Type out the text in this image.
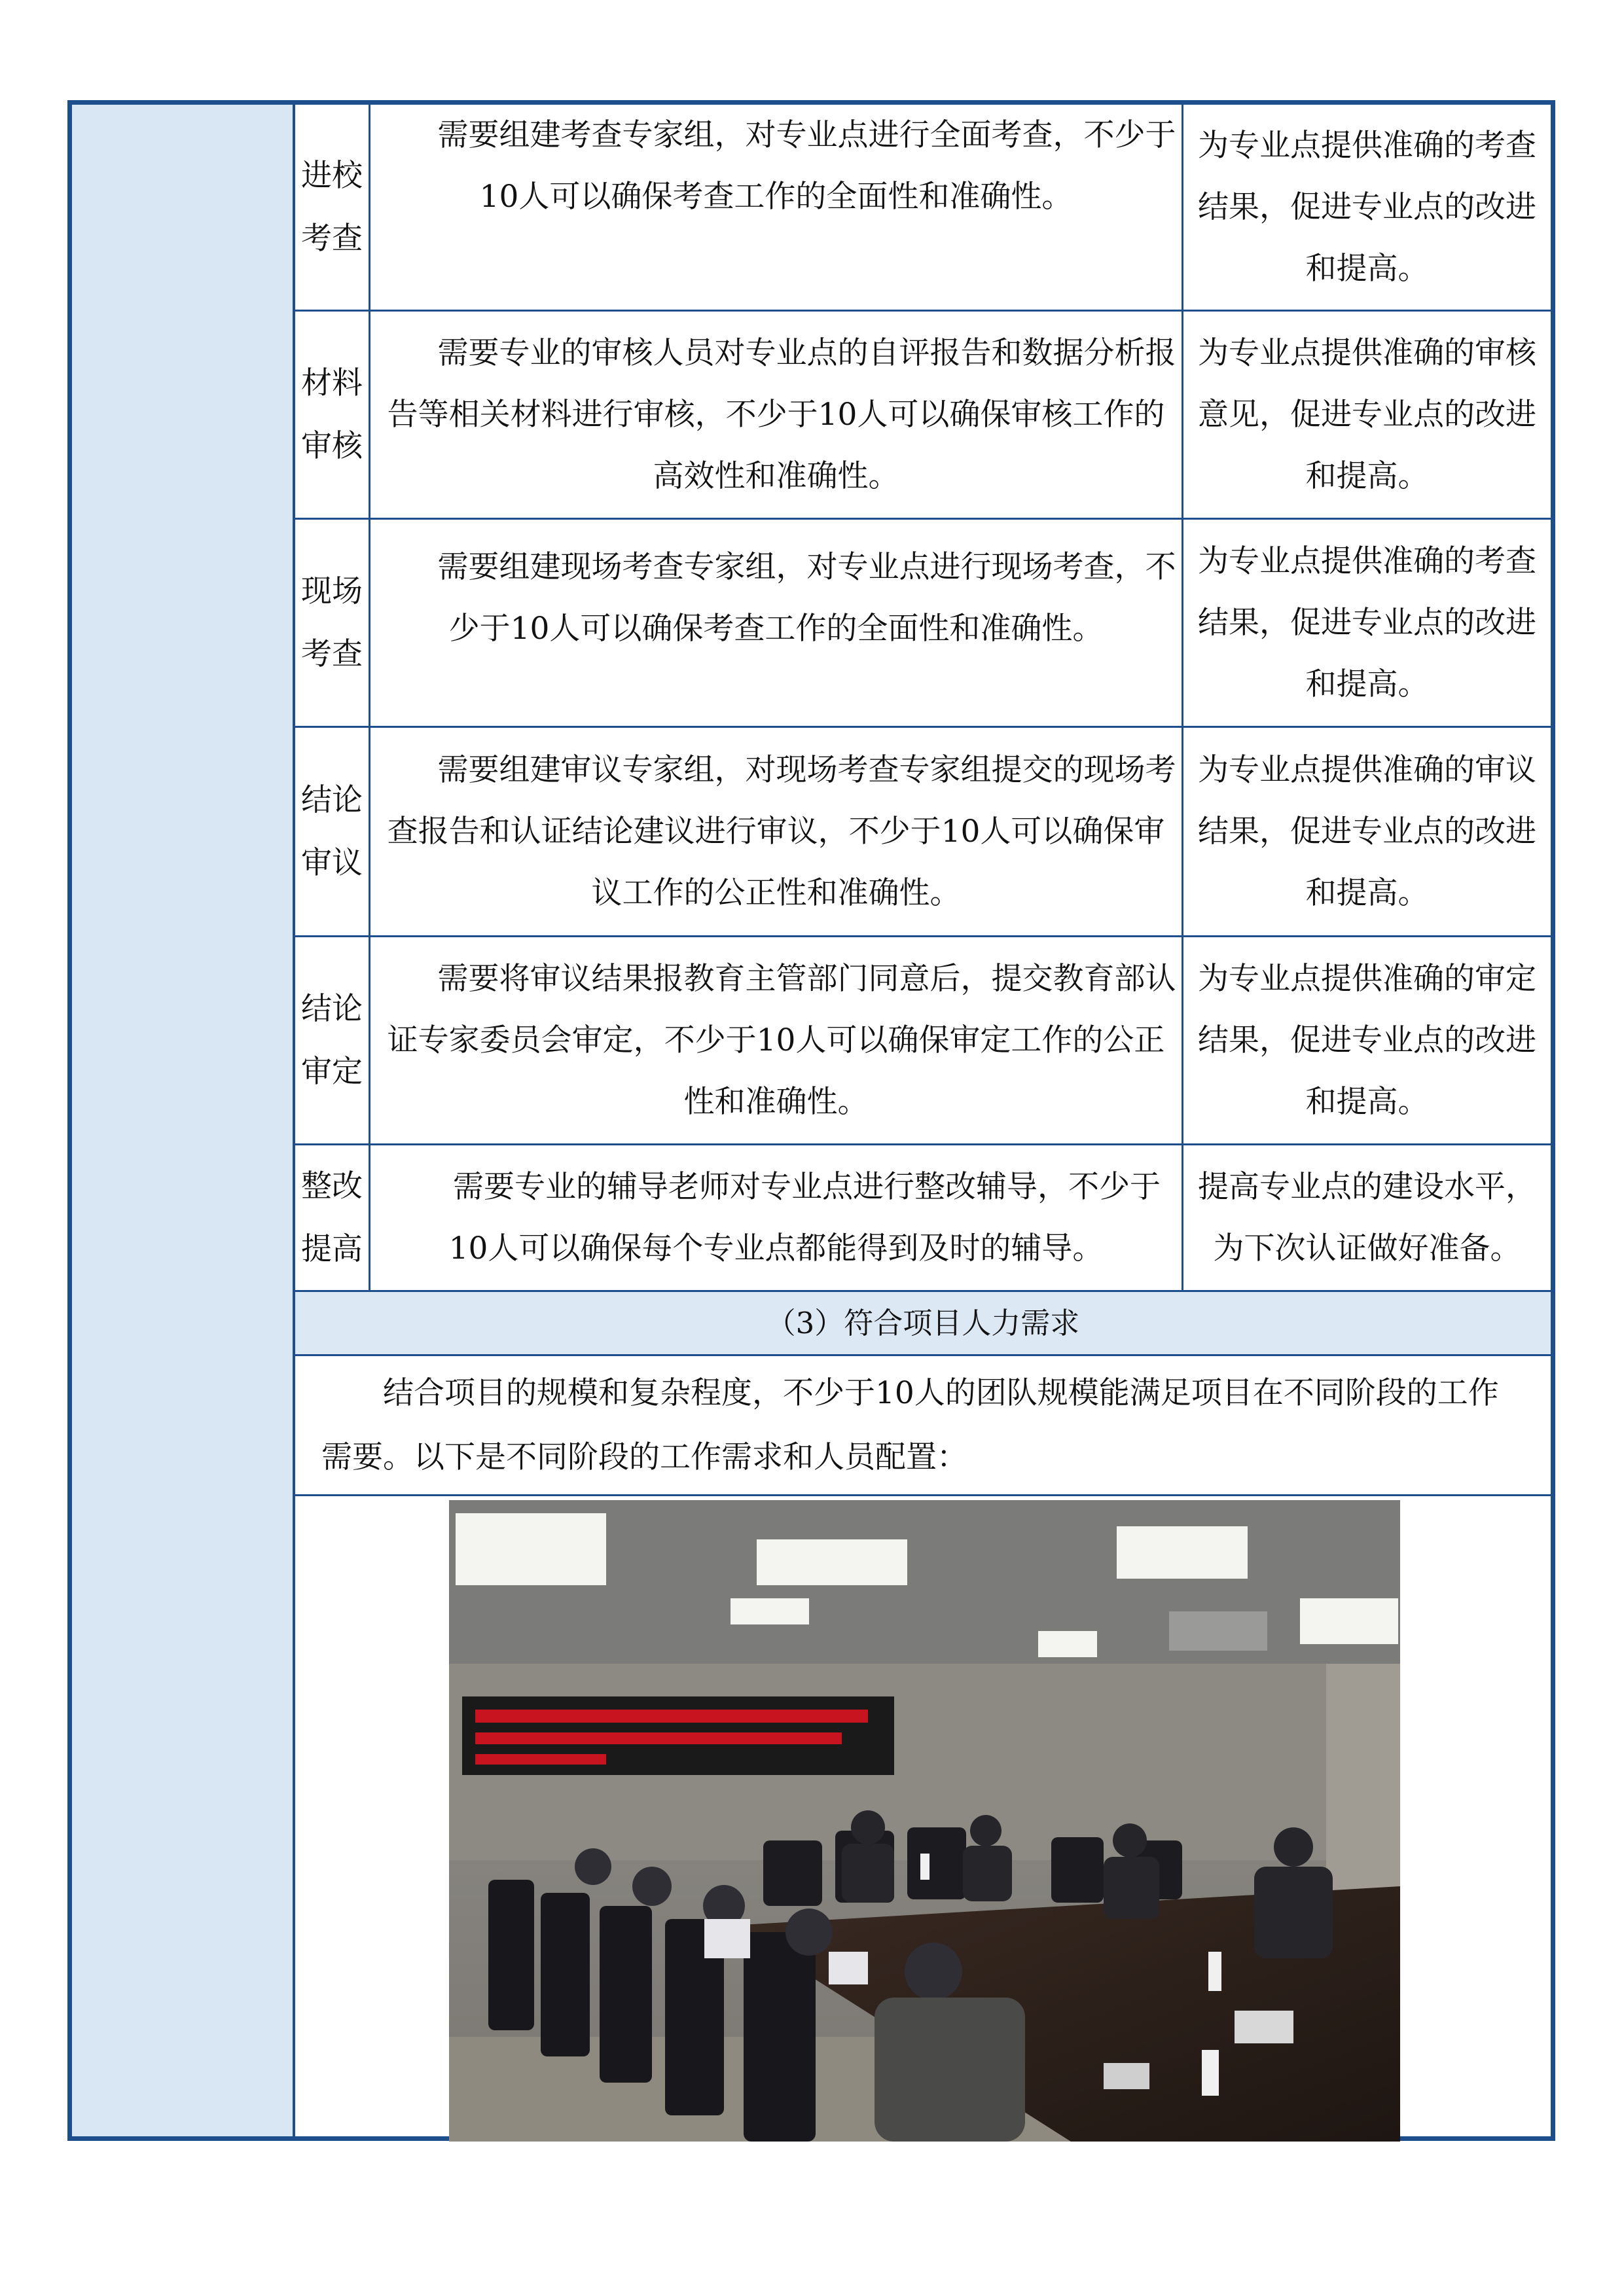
进校考查
需要组建考查专家组，对专业点进行全面考查，不少于10人可以确保考查工作的全面性和准确性。
为专业点提供准确的考查结果，促进专业点的改进和提高。
材料审核
需要专业的审核人员对专业点的自评报告和数据分析报告等相关材料进行审核，不少于10人可以确保审核工作的高效性和准确性。
为专业点提供准确的审核意见，促进专业点的改进和提高。
现场考查
需要组建现场考查专家组，对专业点进行现场考查，不少于10人可以确保考查工作的全面性和准确性。
为专业点提供准确的考查结果，促进专业点的改进和提高。
结论审议
需要组建审议专家组，对现场考查专家组提交的现场考查报告和认证结论建议进行审议，不少于10人可以确保审议工作的公正性和准确性。
为专业点提供准确的审议结果，促进专业点的改进和提高。
结论审定
需要将审议结果报教育主管部门同意后，提交教育部认证专家委员会审定，不少于10人可以确保审定工作的公正性和准确性。
为专业点提供准确的审定结果，促进专业点的改进和提高。
整改提高
需要专业的辅导老师对专业点进行整改辅导，不少于10人可以确保每个专业点都能得到及时的辅导。
提高专业点的建设水平，为下次认证做好准备。
（3）符合项目人力需求
结合项目的规模和复杂程度，不少于10人的团队规模能满足项目在不同阶段的工作需要。以下是不同阶段的工作需求和人员配置：
